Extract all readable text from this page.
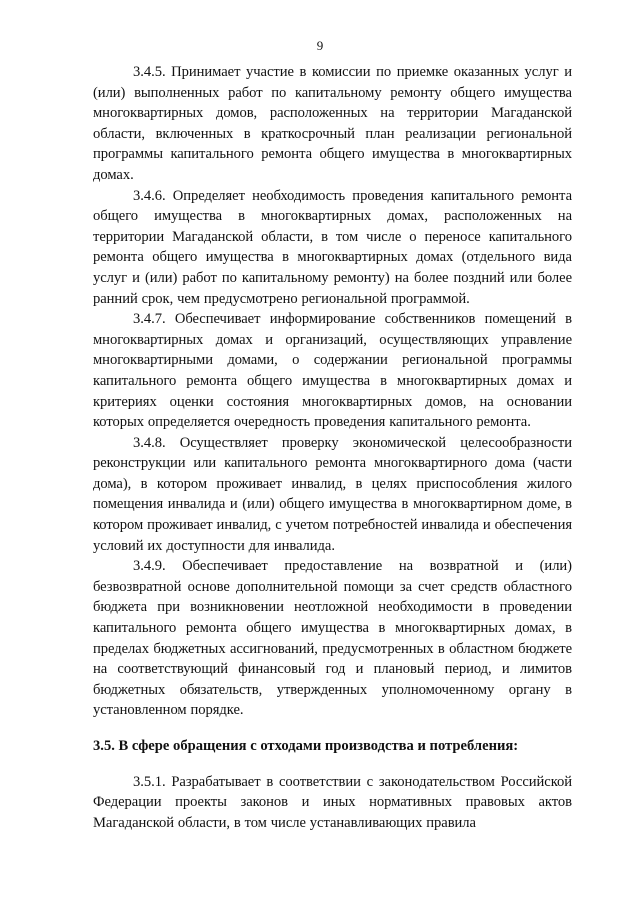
9

3.4.5. Принимает участие в комиссии по приемке оказанных услуг и (или) выполненных работ по капитальному ремонту общего имущества многоквартирных домов, расположенных на территории Магаданской области, включенных в краткосрочный план реализации региональной программы капитального ремонта общего имущества в многоквартирных домах.

3.4.6. Определяет необходимость проведения капитального ремонта общего имущества в многоквартирных домах, расположенных на территории Магаданской области, в том числе о переносе капитального ремонта общего имущества в многоквартирных домах (отдельного вида услуг и (или) работ по капитальному ремонту) на более поздний или более ранний срок, чем предусмотрено региональной программой.

3.4.7. Обеспечивает информирование собственников помещений в многоквартирных домах и организаций, осуществляющих управление многоквартирными домами, о содержании региональной программы капитального ремонта общего имущества в многоквартирных домах и критериях оценки состояния многоквартирных домов, на основании которых определяется очередность проведения капитального ремонта.

3.4.8. Осуществляет проверку экономической целесообразности реконструкции или капитального ремонта многоквартирного дома (части дома), в котором проживает инвалид, в целях приспособления жилого помещения инвалида и (или) общего имущества в многоквартирном доме, в котором проживает инвалид, с учетом потребностей инвалида и обеспечения условий их доступности для инвалида.

3.4.9. Обеспечивает предоставление на возвратной и (или) безвозвратной основе дополнительной помощи за счет средств областного бюджета при возникновении неотложной необходимости в проведении капитального ремонта общего имущества в многоквартирных домах, в пределах бюджетных ассигнований, предусмотренных в областном бюджете на соответствующий финансовый год и плановый период, и лимитов бюджетных обязательств, утвержденных уполномоченному органу в установленном порядке.

3.5. В сфере обращения с отходами производства и потребления:

3.5.1. Разрабатывает в соответствии с законодательством Российской Федерации проекты законов и иных нормативных правовых актов Магаданской области, в том числе устанавливающих правила
